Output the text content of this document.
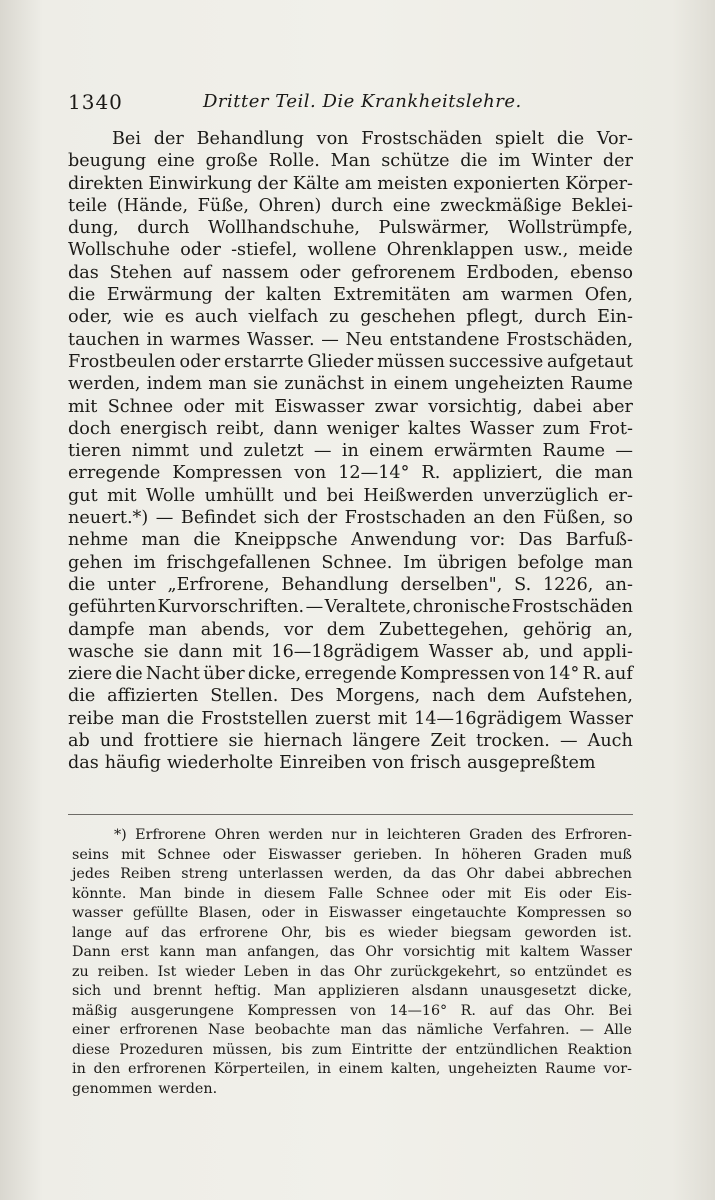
1340	Dritter Teil. Die Krankheitslehre.
Bei der Behandlung von Frostschäden spielt die Vor-
beugung eine große Rolle. Man schütze die im Winter der
direkten Einwirkung der Kälte am meisten exponierten Körper-
teile (Hände, Füße, Ohren) durch eine zweckmäßige Beklei-
dung, durch Wollhandschuhe, Pulswärmer, Wollstrümpfe,
Wollschuhe oder -stiefel, wollene Ohrenklappen usw., meide
das Stehen auf nassem oder gefrorenem Erdboden, ebenso
die Erwärmung der kalten Extremitäten am warmen Ofen,
oder, wie es auch vielfach zu geschehen pflegt, durch Ein-
tauchen in warmes Wasser. — Neu entstandene Frostschäden,
Frostbeulen oder erstarrte Glieder müssen successive aufgetaut
werden, indem man sie zunächst in einem ungeheizten Raume
mit Schnee oder mit Eiswasser zwar vorsichtig, dabei aber
doch energisch reibt, dann weniger kaltes Wasser zum Frot-
tieren nimmt und zuletzt — in einem erwärmten Raume —
erregende Kompressen von 12—14° R. appliziert, die man
gut mit Wolle umhüllt und bei Heißwerden unverzüglich er-
neuert.*) — Befindet sich der Frostschaden an den Füßen, so
nehme man die Kneippsche Anwendung vor: Das Barfuß-
gehen im frischgefallenen Schnee. Im übrigen befolge man
die unter „Erfrorene, Behandlung derselben", S. 1226, an-
geführten Kurvorschriften. — Veraltete, chronische Frostschäden
dampfe man abends, vor dem Zubettegehen, gehörig an,
wasche sie dann mit 16—18grädigem Wasser ab, und appli-
ziere die Nacht über dicke, erregende Kompressen von 14° R. auf
die affizierten Stellen. Des Morgens, nach dem Aufstehen,
reibe man die Froststellen zuerst mit 14—16grädigem Wasser
ab und frottiere sie hiernach längere Zeit trocken. — Auch
das häufig wiederholte Einreiben von frisch ausgepreßtem
*) Erfrorene Ohren werden nur in leichteren Graden des Erfroren-
seins mit Schnee oder Eiswasser gerieben. In höheren Graden muß
jedes Reiben streng unterlassen werden, da das Ohr dabei abbrechen
könnte. Man binde in diesem Falle Schnee oder mit Eis oder Eis-
wasser gefüllte Blasen, oder in Eiswasser eingetauchte Kompressen so
lange auf das erfrorene Ohr, bis es wieder biegsam geworden ist.
Dann erst kann man anfangen, das Ohr vorsichtig mit kaltem Wasser
zu reiben. Ist wieder Leben in das Ohr zurückgekehrt, so entzündet es
sich und brennt heftig. Man applizieren alsdann unausgesetzt dicke,
mäßig ausgerungene Kompressen von 14—16° R. auf das Ohr. Bei
einer erfrorenen Nase beobachte man das nämliche Verfahren. — Alle
diese Prozeduren müssen, bis zum Eintritte der entzündlichen Reaktion
in den erfrorenen Körperteilen, in einem kalten, ungeheizten Raume vor-
genommen werden.
